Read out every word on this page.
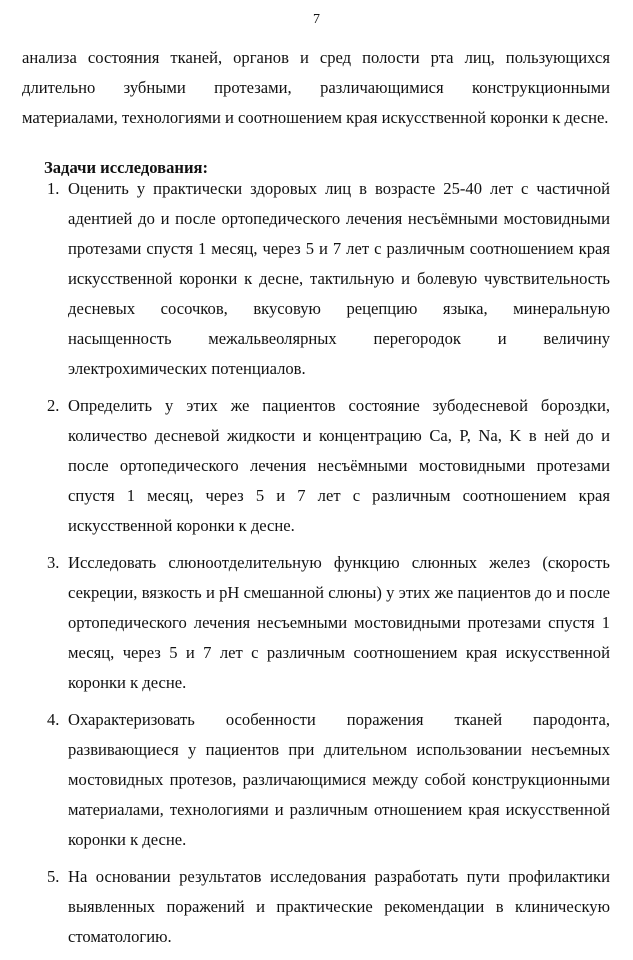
7

анализа состояния тканей, органов и сред полости рта лиц, пользующихся длительно зубными протезами, различающимися конструкционными материалами, технологиями и соотношением края искусственной коронки к десне.

Задачи исследования:

1. Оценить у практически здоровых лиц в возрасте 25-40 лет с частичной адентией до и после ортопедического лечения несъёмными мостовидными протезами спустя 1 месяц, через 5 и 7 лет с различным соотношением края искусственной коронки к десне, тактильную и болевую чувствительность десневых сосочков, вкусовую рецепцию языка, минеральную насыщенность межальвеолярных перегородок и величину электрохимических потенциалов.
2. Определить у этих же пациентов состояние зубодесневой бороздки, количество десневой жидкости и концентрацию Ca, P, Na, K в ней до и после ортопедического лечения несъёмными мостовидными протезами спустя 1 месяц, через 5 и 7 лет с различным соотношением края искусственной коронки к десне.
3. Исследовать слюноотделительную функцию слюнных желез (скорость секреции, вязкость и pH смешанной слюны) у этих же пациентов до и после ортопедического лечения несъемными мостовидными протезами спустя 1 месяц, через 5 и 7 лет с различным соотношением края искусственной коронки к десне.
4. Охарактеризовать особенности поражения тканей пародонта, развивающиеся у пациентов при длительном использовании несъемных мостовидных протезов, различающимися между собой конструкционными материалами, технологиями и различным отношением края искусственной коронки к десне.
5. На основании результатов исследования разработать пути профилактики выявленных поражений и практические рекомендации в клиническую стоматологию.
